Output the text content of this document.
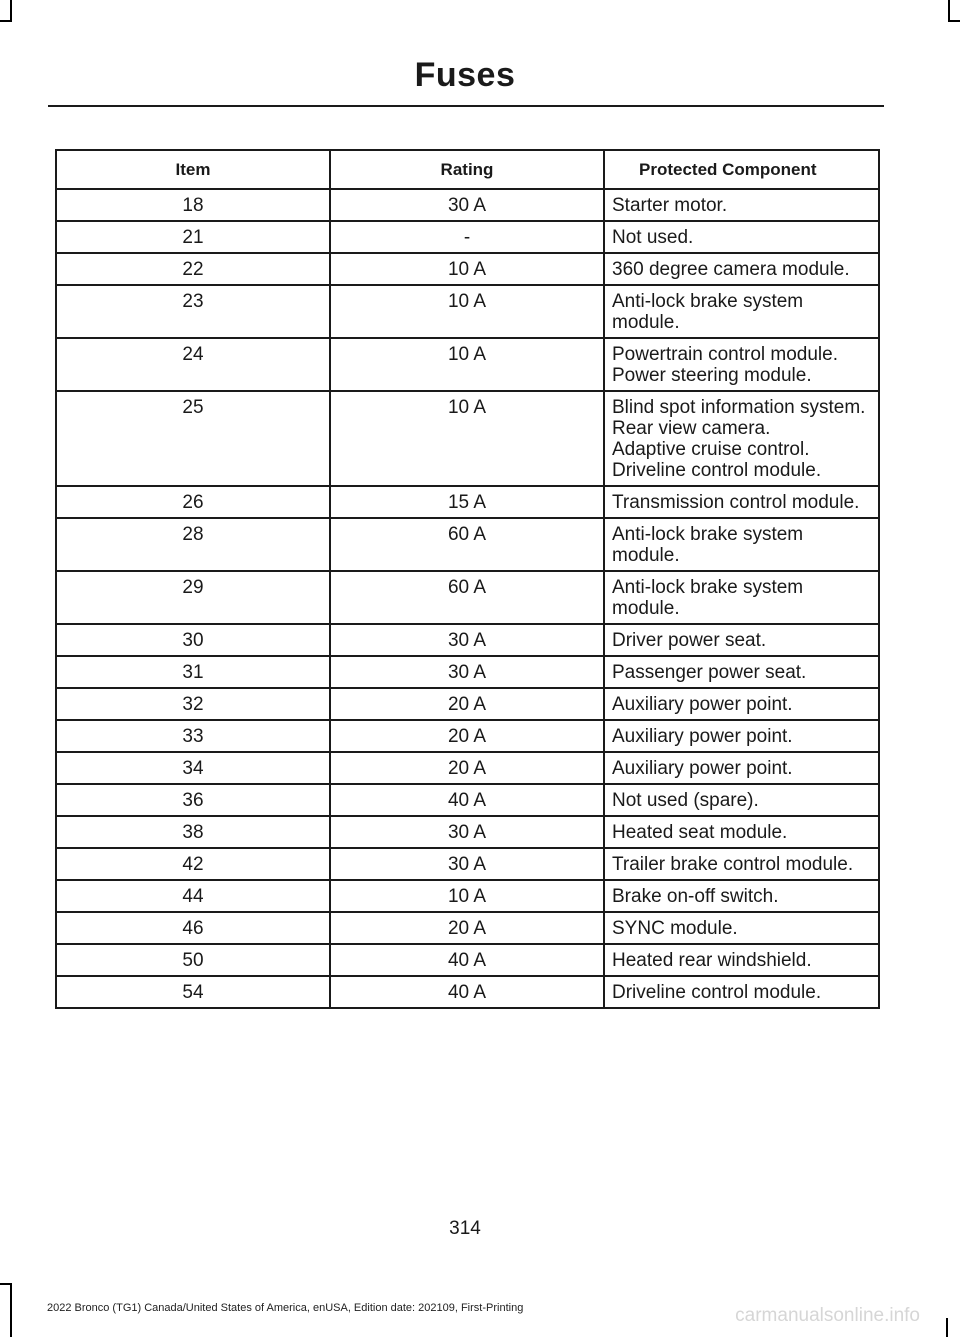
Fuses
Item	Rating	Protected Component
18	30 A	Starter motor.

21	-	Not used.

22	10 A	360 degree camera module.

23	10 A	Anti-lock brake system module.

24	10 A	Powertrain control module.
Power steering module.

25	10 A	Blind spot information system.
Rear view camera.
Adaptive cruise control.
Driveline control module.

26	15 A	Transmission control module.

28	60 A	Anti-lock brake system module.

29	60 A	Anti-lock brake system module.

30	30 A	Driver power seat.

31	30 A	Passenger power seat.

32	20 A	Auxiliary power point.

33	20 A	Auxiliary power point.

34	20 A	Auxiliary power point.

36	40 A	Not used (spare).

38	30 A	Heated seat module.

42	30 A	Trailer brake control module.

44	10 A	Brake on-off switch.

46	20 A	SYNC module.

50	40 A	Heated rear windshield.

54	40 A	Driveline control module.
314
2022 Bronco (TG1) Canada/United States of America, enUSA, Edition date: 202109, First-Printing	carmanualsonline.info
